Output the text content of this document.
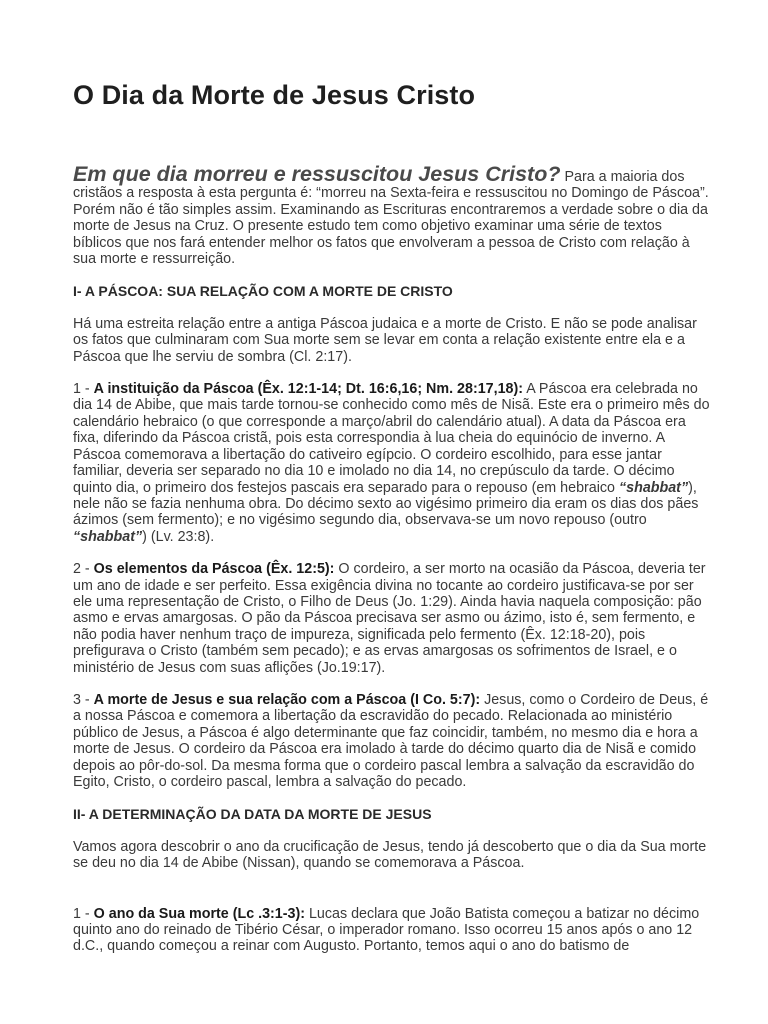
O Dia da Morte de Jesus Cristo

Em que dia morreu e ressuscitou Jesus Cristo? Para a maioria dos cristãos a resposta à esta pergunta é: “morreu na Sexta-feira e ressuscitou no Domingo de Páscoa”. Porém não é tão simples assim. Examinando as Escrituras encontraremos a verdade sobre o dia da morte de Jesus na Cruz. O presente estudo tem como objetivo examinar uma série de textos bíblicos que nos fará entender melhor os fatos que envolveram a pessoa de Cristo com relação à sua morte e ressurreição.

I- A PÁSCOA: SUA RELAÇÃO COM A MORTE DE CRISTO

Há uma estreita relação entre a antiga Páscoa judaica e a morte de Cristo. E não se pode analisar os fatos que culminaram com Sua morte sem se levar em conta a relação existente entre ela e a Páscoa que lhe serviu de sombra (Cl. 2:17).

1 - A instituição da Páscoa (Êx. 12:1-14; Dt. 16:6,16; Nm. 28:17,18): A Páscoa era celebrada no dia 14 de Abibe, que mais tarde tornou-se conhecido como mês de Nisã. Este era o primeiro mês do calendário hebraico (o que corresponde a março/abril do calendário atual). A data da Páscoa era fixa, diferindo da Páscoa cristã, pois esta correspondia à lua cheia do equinócio de inverno. A Páscoa comemorava a libertação do cativeiro egípcio. O cordeiro escolhido, para esse jantar familiar, deveria ser separado no dia 10 e imolado no dia 14, no crepúsculo da tarde. O décimo quinto dia, o primeiro dos festejos pascais era separado para o repouso (em hebraico “shabbat”), nele não se fazia nenhuma obra. Do décimo sexto ao vigésimo primeiro dia eram os dias dos pães ázimos (sem fermento); e no vigésimo segundo dia, observava-se um novo repouso (outro “shabbat”) (Lv. 23:8).

2 - Os elementos da Páscoa (Êx. 12:5): O cordeiro, a ser morto na ocasião da Páscoa, deveria ter um ano de idade e ser perfeito. Essa exigência divina no tocante ao cordeiro justificava-se por ser ele uma representação de Cristo, o Filho de Deus (Jo. 1:29). Ainda havia naquela composição: pão asmo e ervas amargosas. O pão da Páscoa precisava ser asmo ou ázimo, isto é, sem fermento, e não podia haver nenhum traço de impureza, significada pelo fermento (Êx. 12:18-20), pois prefigurava o Cristo (também sem pecado); e as ervas amargosas os sofrimentos de Israel, e o ministério de Jesus com suas aflições (Jo.19:17).

3 - A morte de Jesus e sua relação com a Páscoa (I Co. 5:7): Jesus, como o Cordeiro de Deus, é a nossa Páscoa e comemora a libertação da escravidão do pecado. Relacionada ao ministério público de Jesus, a Páscoa é algo determinante que faz coincidir, também, no mesmo dia e hora a morte de Jesus. O cordeiro da Páscoa era imolado à tarde do décimo quarto dia de Nisã e comido depois ao pôr-do-sol. Da mesma forma que o cordeiro pascal lembra a salvação da escravidão do Egito, Cristo, o cordeiro pascal, lembra a salvação do pecado.

II- A DETERMINAÇÃO DA DATA DA MORTE DE JESUS

Vamos agora descobrir o ano da crucificação de Jesus, tendo já descoberto que o dia da Sua morte se deu no dia 14 de Abibe (Nissan), quando se comemorava a Páscoa.

1 - O ano da Sua morte (Lc .3:1-3): Lucas declara que João Batista começou a batizar no décimo quinto ano do reinado de Tibério César, o imperador romano. Isso ocorreu 15 anos após o ano 12 d.C., quando começou a reinar com Augusto. Portanto, temos aqui o ano do batismo de
